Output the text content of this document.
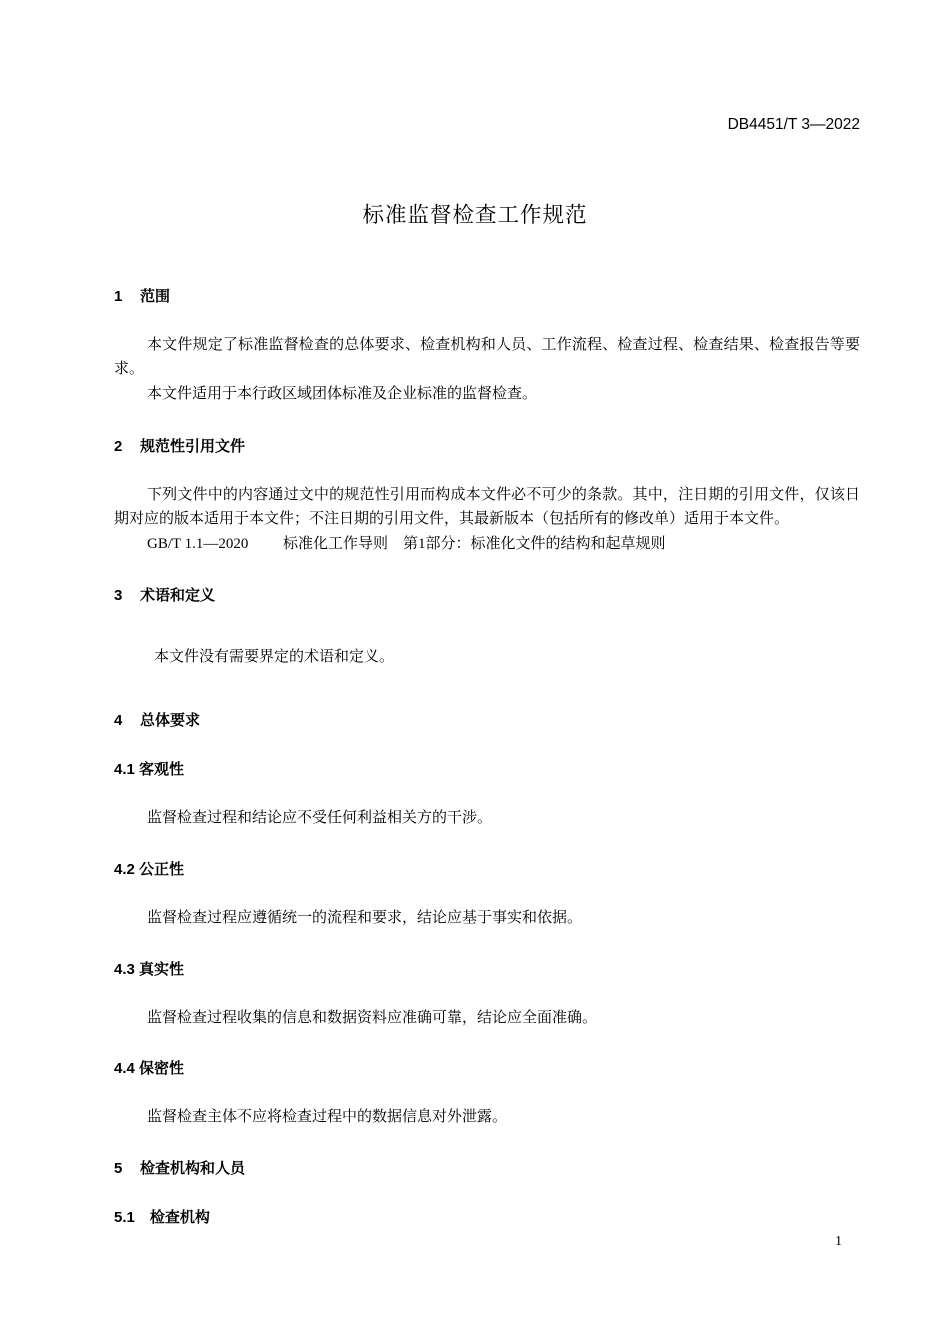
DB4451/T 3—2022
标准监督检查工作规范
1 范围
本文件规定了标准监督检查的总体要求、检查机构和人员、工作流程、检查过程、检查结果、检查报告等要求。
本文件适用于本行政区域团体标准及企业标准的监督检查。
2 规范性引用文件
下列文件中的内容通过文中的规范性引用而构成本文件必不可少的条款。其中，注日期的引用文件，仅该日期对应的版本适用于本文件；不注日期的引用文件，其最新版本（包括所有的修改单）适用于本文件。
GB/T 1.1—2020 标准化工作导则　第1部分：标准化文件的结构和起草规则
3 术语和定义
本文件没有需要界定的术语和定义。
4 总体要求
4.1 客观性
监督检查过程和结论应不受任何利益相关方的干涉。
4.2 公正性
监督检查过程应遵循统一的流程和要求，结论应基于事实和依据。
4.3 真实性
监督检查过程收集的信息和数据资料应准确可靠，结论应全面准确。
4.4 保密性
监督检查主体不应将检查过程中的数据信息对外泄露。
5 检查机构和人员
5.1　检查机构
1
